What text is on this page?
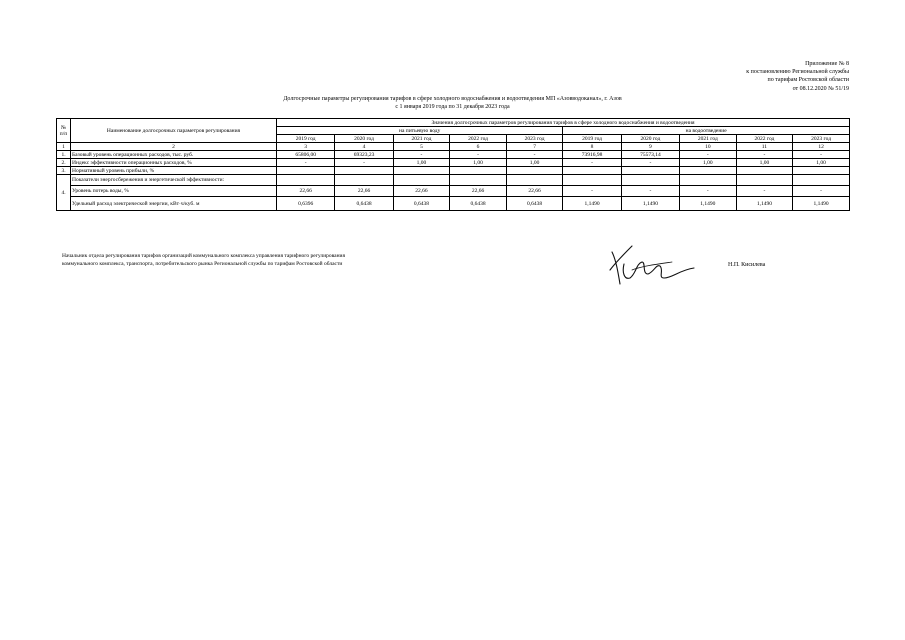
Приложение № 8
к постановлению Региональной службы
по тарифам Ростовской области
от 08.12.2020 № 51/19
Долгосрочные параметры регулирования тарифов в сфере холодного водоснабжения и водоотведения МП «Азовводоканал», г. Азов
с 1 января 2019 года по 31 декабря 2023 года
№ п/п	Наименование долгосрочных параметров регулирования	Значения долгосрочных параметров регулирования тарифов в сфере холодного водоснабжения и водоотведения									
		на питьевую воду					на водоотведение				
		2019 год	2020 год	2021 год	2022 год	2023 год	2019 год	2020 год	2021 год	2022 год	2023 год
1	2	3	4	5	6	7	8	9	10	11	12
1.	Базовый уровень операционных расходов, тыс. руб.	65806,00	69323,23	-	-	-	73916,98	75573,14	-	-	-
2.	Индекс эффективности операционных расходов, %	-	-	1,00	1,00	1,00	-	-	1,00	1,00	1,00
3.	Нормативный уровень прибыли, %										
4.	Показатели энергосбережения и энергетической эффективности:										
	Уровень потерь воды, %	22,66	22,66	22,66	22,66	22,66	-	-	-	-	-
	Удельный расход электрической энергии, кВт·ч/куб. м	0,6396	0,6438	0,6438	0,6438	0,6438	1,1490	1,1490	1,1490	1,1490	1,1490
Начальник отдела регулирования тарифов организаций коммунального комплекса управления тарифного регулирования
коммунального комплекса, транспорта, потребительского рынка Региональной службы по тарифам Ростовской области	Н.П. Кисилева
